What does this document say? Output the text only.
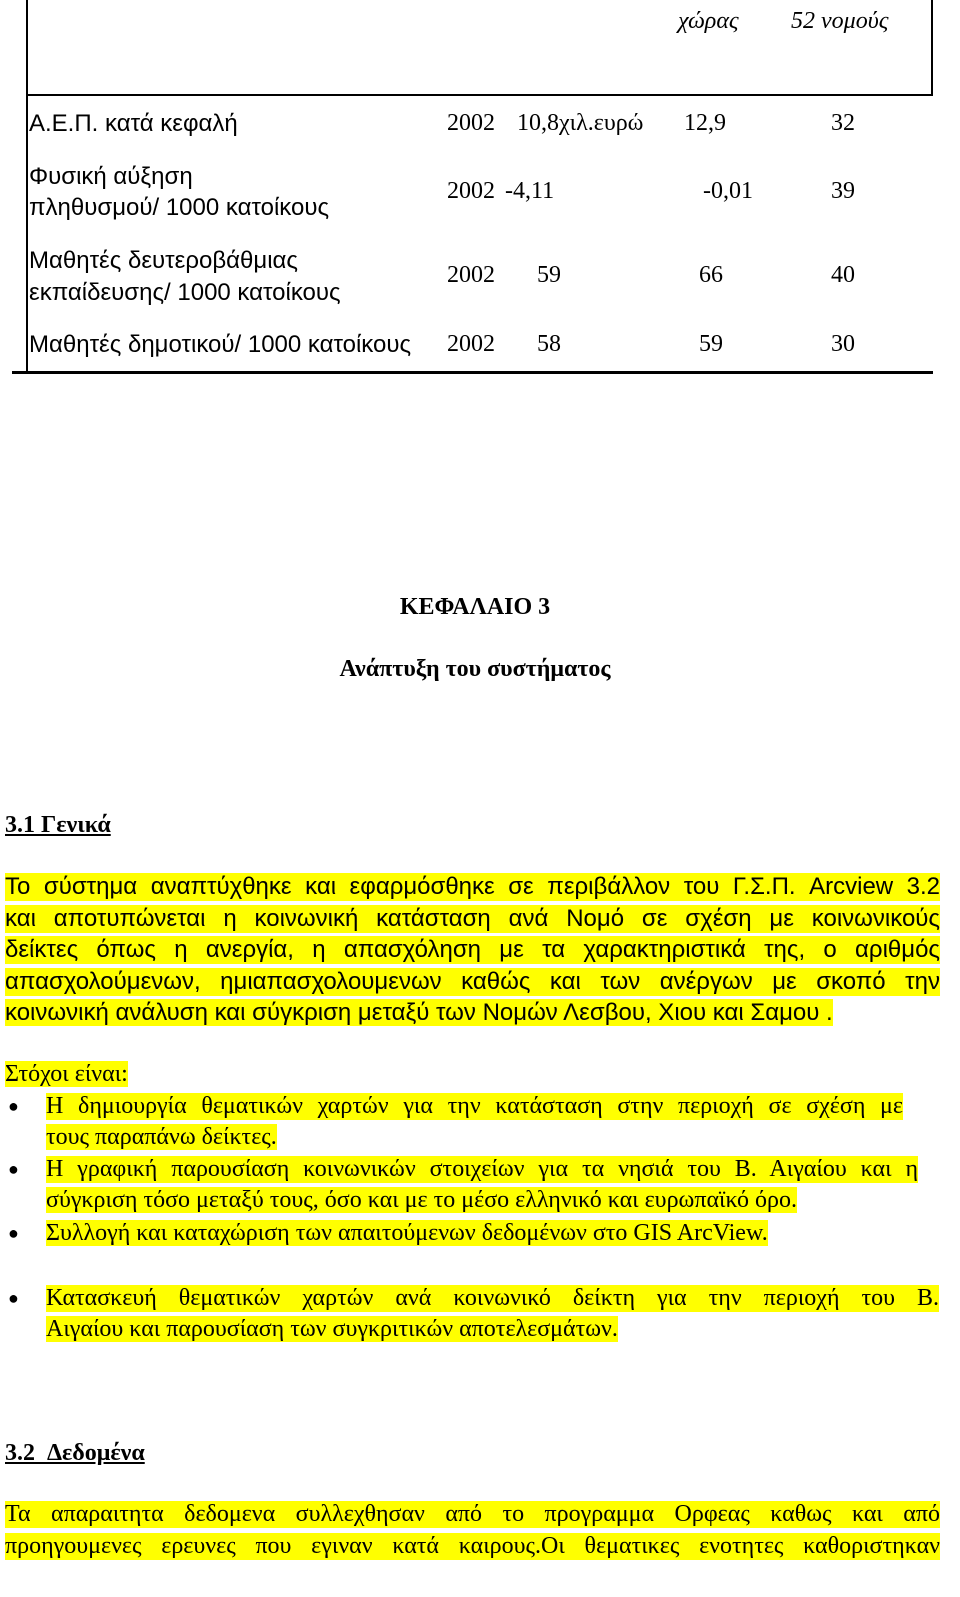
χώρας 52 νομούς
Α.Ε.Π. κατά κεφαλή	2002 10,8χιλ.ευρώ 12,9	32
Φυσική αύξηση
πληθυσμού/ 1000 κατοίκους
2002 -4,11	-0,01	39
Μαθητές δευτεροβάθμιας
εκπαίδευσης/ 1000 κατοίκους
2002 59	66	40
Μαθητές δημοτικού/ 1000 κατοίκους 2002 58	59	30
ΚΕΦΑΛΑΙΟ 3
Ανάπτυξη του συστήματος
3.1 Γενικά
Το σύστημα αναπτύχθηκε και εφαρμόσθηκε σε περιβάλλον του Γ.Σ.Π. Arcview 3.2
και αποτυπώνεται η κοινωνική κατάσταση ανά Νομό σε σχέση με κοινωνικούς
δείκτες όπως η ανεργία, η απασχόληση με τα χαρακτηριστικά της, ο αριθμός
απασχολούμενων, ημιαπασχολουμενων καθώς και των ανέργων με σκοπό την
κοινωνική ανάλυση και σύγκριση μεταξύ των Νομών Λεσβου, Χιου και Σαμου .
Στόχοι είναι:
● Η δημιουργία θεματικών χαρτών για την κατάσταση στην περιοχή σε σχέση με
τους παραπάνω δείκτες.
● Η γραφική παρουσίαση κοινωνικών στοιχείων για τα νησιά του Β. Αιγαίου και η
σύγκριση τόσο μεταξύ τους, όσο και με το μέσο ελληνικό και ευρωπαϊκό όρο.
● Συλλογή και καταχώριση των απαιτούμενων δεδομένων στο GIS ArcView.
● Κατασκευή θεματικών χαρτών ανά κοινωνικό δείκτη για την περιοχή του Β.
Αιγαίου και παρουσίαση των συγκριτικών αποτελεσμάτων.
3.2 Δεδομένα
Τα απαραιτητα δεδομενα συλλεχθησαν από το προγραμμα Ορφεας καθως και από
προηγουμενες ερευνες που εγιναν κατά καιρους.Οι θεματικες ενοτητες καθοριστηκαν
